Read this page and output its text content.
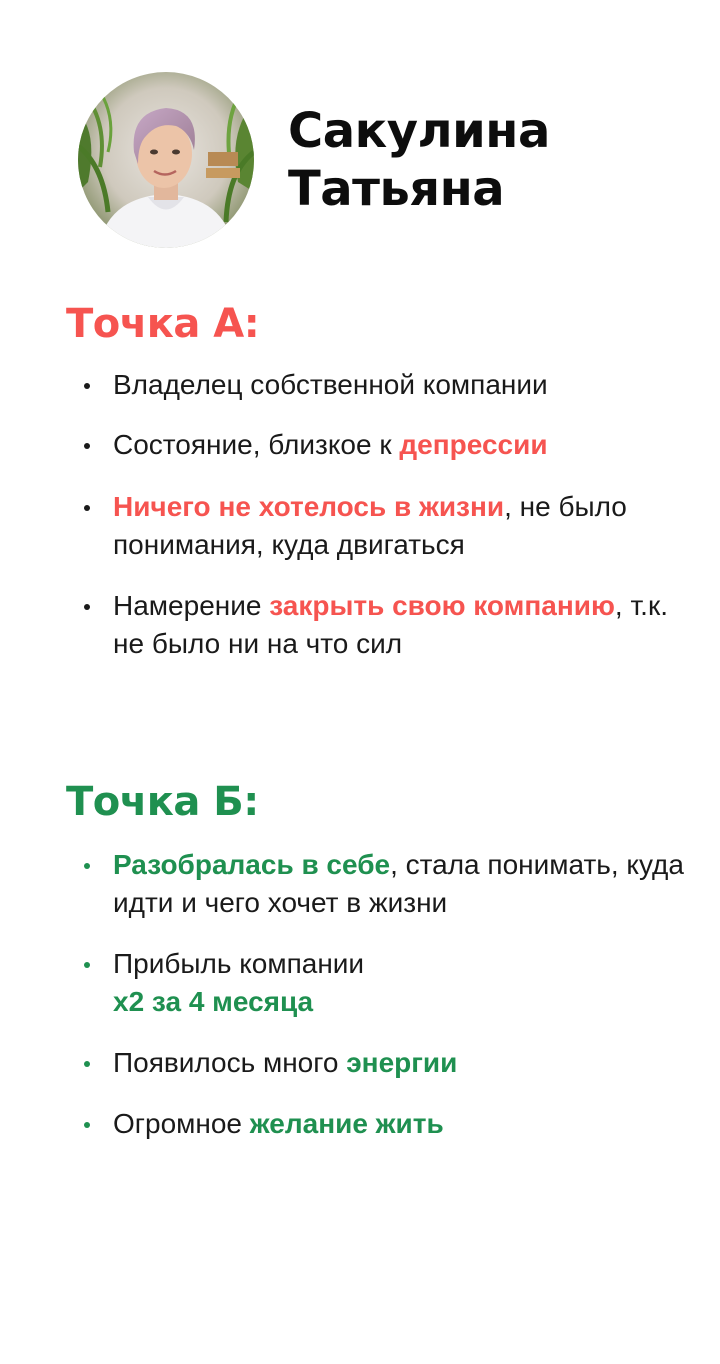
Сакулина
Татьяна
Точка А:
Владелец собственной компании
Состояние, близкое к депрессии
Ничего не хотелось в жизни, не было понимания, куда двигаться
Намерение закрыть свою компанию, т.к. не было ни на что сил
Точка Б:
Разобралась в себе, стала понимать, куда идти и чего хочет в жизни
Прибыль компании
x2 за 4 месяца
Появилось много энергии
Огромное желание жить
